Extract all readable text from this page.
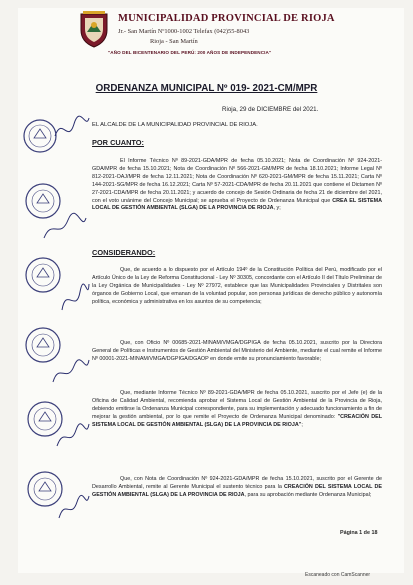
MUNICIPALIDAD PROVINCIAL DE RIOJA
Jr.- San Martín Nº1000-1002 Telefax (042)55-8043
Rioja - San Martín
"AÑO DEL BICENTENARIO DEL PERÚ: 200 AÑOS DE INDEPENDENCIA"
ORDENANZA MUNICIPAL Nº 019- 2021-CM/MPR
Rioja, 29 de DICIEMBRE del 2021.
EL ALCALDE DE LA MUNICIPALIDAD PROVINCIAL DE RIOJA.
POR CUANTO:
El Informe Técnico Nº 89-2021-GDA/MPR de fecha 05.10.2021; Nota de Coordinación Nº 924-2021-GDA/MPR de fecha 15.10.2021; Nota de Coordinación Nº 566-2021-GM/MPR de fecha 18.10.2021; Informe Legal Nº 812-2021-OAJ/MPR de fecha 12.11.2021; Nota de Coordinación Nº 620-2021-GM/MPR de fecha 15.11.2021; Carta Nº 144-2021-SG/MPR de fecha 16.12.2021; Carta Nº 57-2021-CDA/MPR de fecha 20.11.2021 que contiene el Dictamen Nº 27-2021-CDA/MPR de fecha 20.11.2021; y acuerdo de concejo de Sesión Ordinaria de fecha 21 de diciembre del 2021, con el voto unánime del Concejo Municipal; se aprueba el Proyecto de Ordenanza Municipal que CREA EL SISTEMA LOCAL DE GESTIÓN AMBIENTAL (SLGA) DE LA PROVINCIA DE RIOJA, y;
CONSIDERANDO:
Que, de acuerdo a lo dispuesto por el Artículo 194º de la Constitución Política del Perú, modificado por el Artículo Único de la Ley de Reforma Constitucional - Ley Nº 30305, concordante con el Artículo II del Título Preliminar de la Ley Orgánica de Municipalidades - Ley Nº 27972, establece que las Municipalidades Provinciales y Distritales son órganos de Gobierno Local, que emanan de la voluntad popular, son personas jurídicas de derecho público y autonomía política, económica y administrativa en los asuntos de su competencia;
Que, con Oficio Nº 00685-2021-MINAM/VMGA/DGPIGA de fecha 05.10.2021, suscrito por la Directora General de Políticas e Instrumentos de Gestión Ambiental del Ministerio del Ambiente, mediante el cual remite el Informe Nº 00001-2021-MINAM/VMGA/DGPIGA/DGAOP en donde emite su pronunciamiento favorable;
Que, mediante Informe Técnico Nº 89-2021-GDA/MPR de fecha 05.10.2021, suscrito por el Jefe (e) de la Oficina de Calidad Ambiental, recomienda aprobar el Sistema Local de Gestión Ambiental de la Provincia de Rioja, debiendo emitirse la Ordenanza Municipal correspondiente, para su implementación y adecuado funcionamiento a fin de mejorar la gestión ambiental, por lo que remite el Proyecto de Ordenanza Municipal denominado: "CREACIÓN DEL SISTEMA LOCAL DE GESTIÓN AMBIENTAL (SLGA) DE LA PROVINCIA DE RIOJA";
Que, con Nota de Coordinación Nº 924-2021-GDA/MPR de fecha 15.10.2021, suscrito por el Gerente de Desarrollo Ambiental, remite al Gerente Municipal el sustento técnico para la CREACIÓN DEL SISTEMA LOCAL DE GESTIÓN AMBIENTAL (SLGA) DE LA PROVINCIA DE RIOJA, para su aprobación mediante Ordenanza Municipal;
Página 1 de 18
Escaneado con CamScanner
